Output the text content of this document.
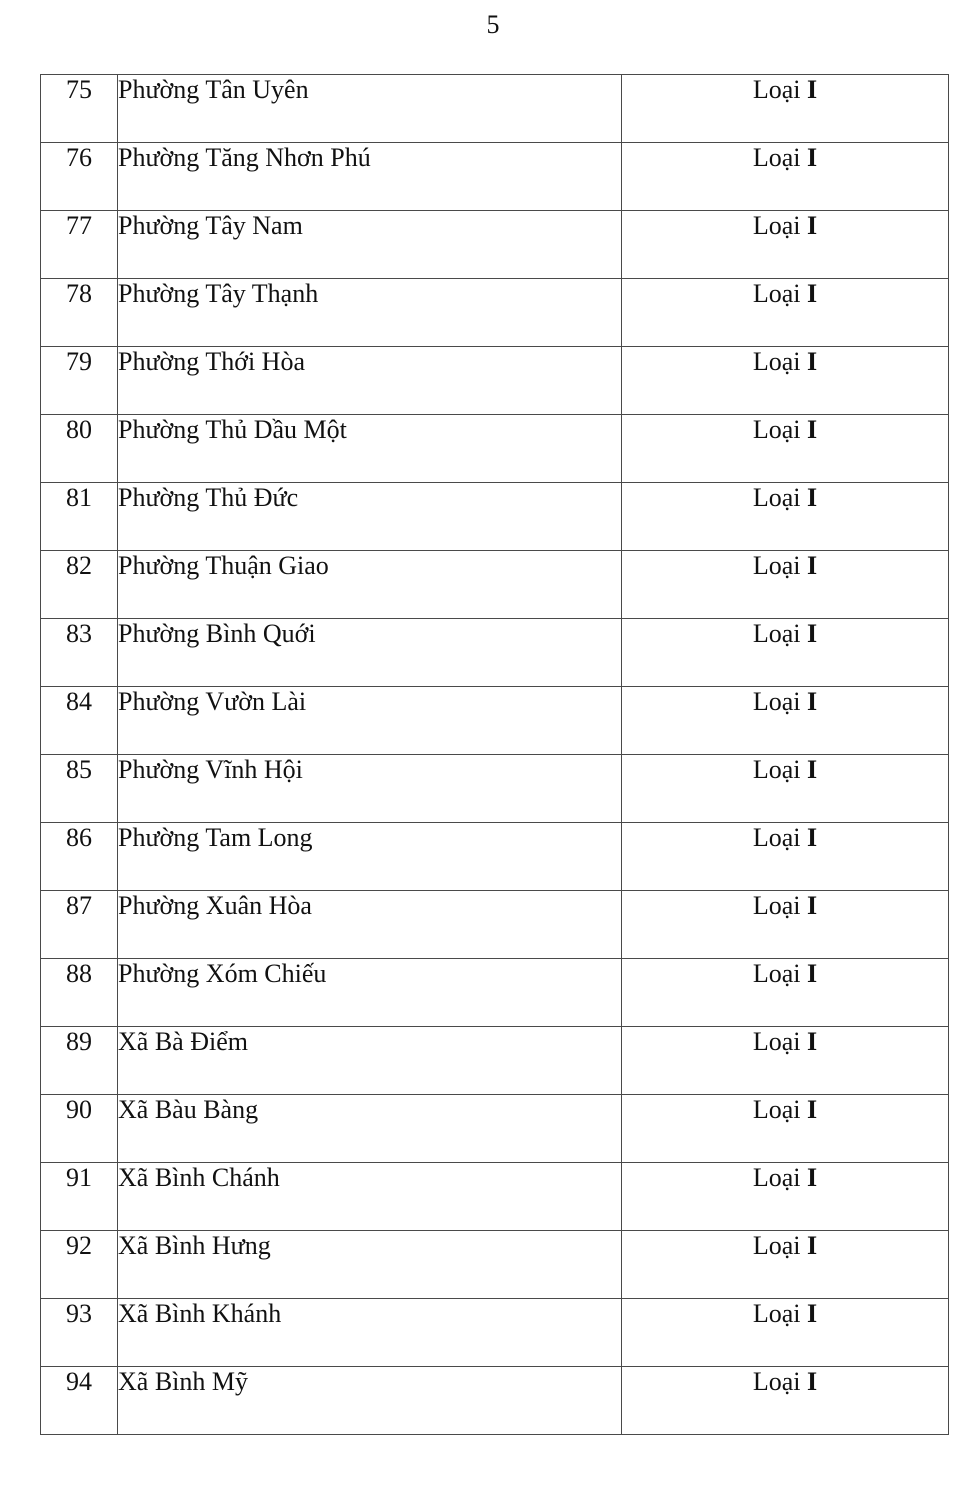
5
75	Phường Tân Uyên	Loại I
76	Phường Tăng Nhơn Phú	Loại I
77	Phường Tây Nam	Loại I
78	Phường Tây Thạnh	Loại I
79	Phường Thới Hòa	Loại I
80	Phường Thủ Dầu Một	Loại I
81	Phường Thủ Đức	Loại I
82	Phường Thuận Giao	Loại I
83	Phường Bình Quới	Loại I
84	Phường Vườn Lài	Loại I
85	Phường Vĩnh Hội	Loại I
86	Phường Tam Long	Loại I
87	Phường Xuân Hòa	Loại I
88	Phường Xóm Chiếu	Loại I
89	Xã Bà Điểm	Loại I
90	Xã Bàu Bàng	Loại I
91	Xã Bình Chánh	Loại I
92	Xã Bình Hưng	Loại I
93	Xã Bình Khánh	Loại I
94	Xã Bình Mỹ	Loại I
